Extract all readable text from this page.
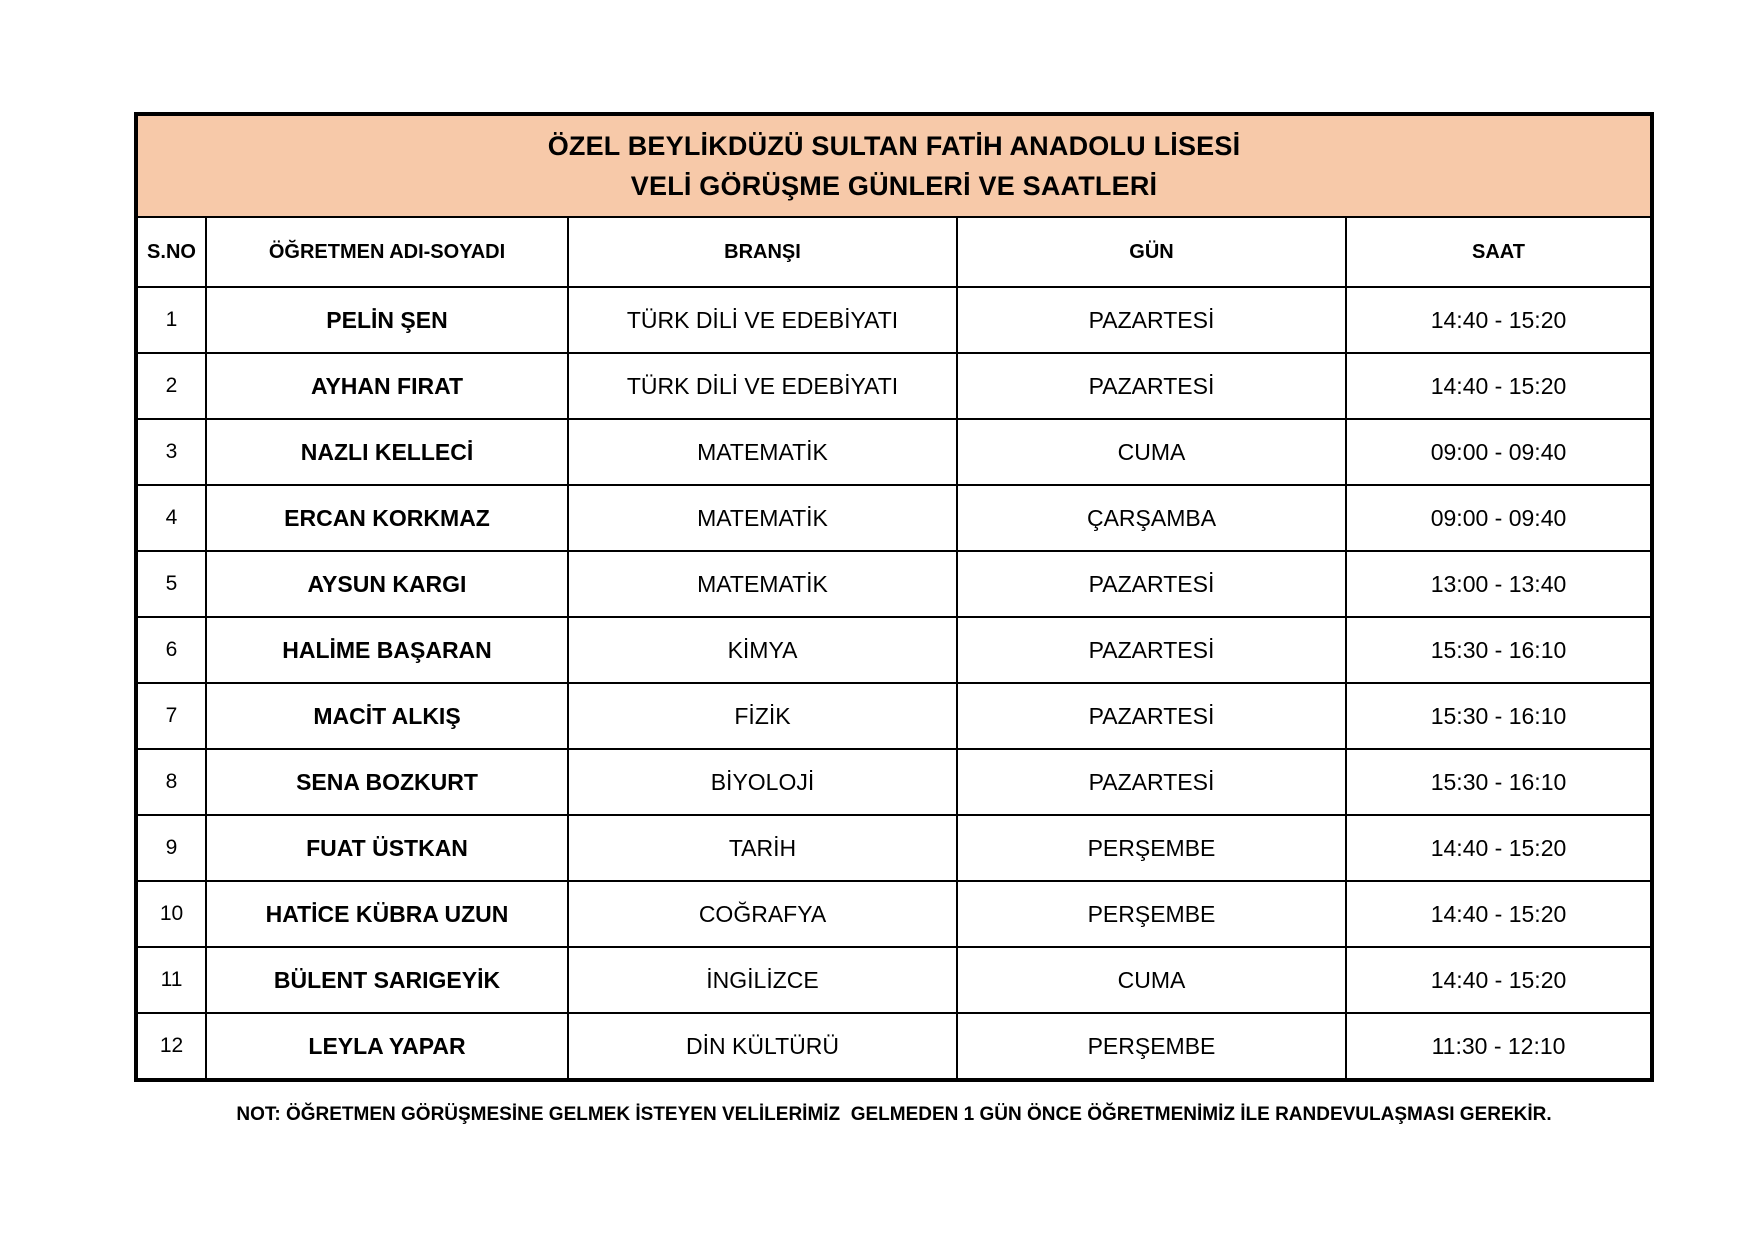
ÖZEL BEYLİKDÜZÜ SULTAN FATİH ANADOLU LİSESİ
VELİ GÖRÜŞME GÜNLERİ VE SAATLERİ				

S.NO	ÖĞRETMEN ADI-SOYADI	BRANŞI	GÜN	SAAT
1	PELİN ŞEN	TÜRK DİLİ VE EDEBİYATI	PAZARTESİ	14:40 - 15:20
2	AYHAN FIRAT	TÜRK DİLİ VE EDEBİYATI	PAZARTESİ	14:40 - 15:20
3	NAZLI KELLECİ	MATEMATİK	CUMA	09:00 - 09:40
4	ERCAN KORKMAZ	MATEMATİK	ÇARŞAMBA	09:00 - 09:40
5	AYSUN KARGI	MATEMATİK	PAZARTESİ	13:00 - 13:40
6	HALİME BAŞARAN	KİMYA	PAZARTESİ	15:30 - 16:10
7	MACİT ALKIŞ	FİZİK	PAZARTESİ	15:30 - 16:10
8	SENA BOZKURT	BİYOLOJİ	PAZARTESİ	15:30 - 16:10
9	FUAT ÜSTKAN	TARİH	PERŞEMBE	14:40 - 15:20
10	HATİCE KÜBRA UZUN	COĞRAFYA	PERŞEMBE	14:40 - 15:20
11	BÜLENT SARIGEYİK	İNGİLİZCE	CUMA	14:40 - 15:20
12	LEYLA YAPAR	DİN KÜLTÜRÜ	PERŞEMBE	11:30 - 12:10
NOT: ÖĞRETMEN GÖRÜŞMESİNE GELMEK İSTEYEN VELİLERİMİZ  GELMEDEN 1 GÜN ÖNCE ÖĞRETMENİMİZ İLE RANDEVULAŞMASI GEREKİR.
